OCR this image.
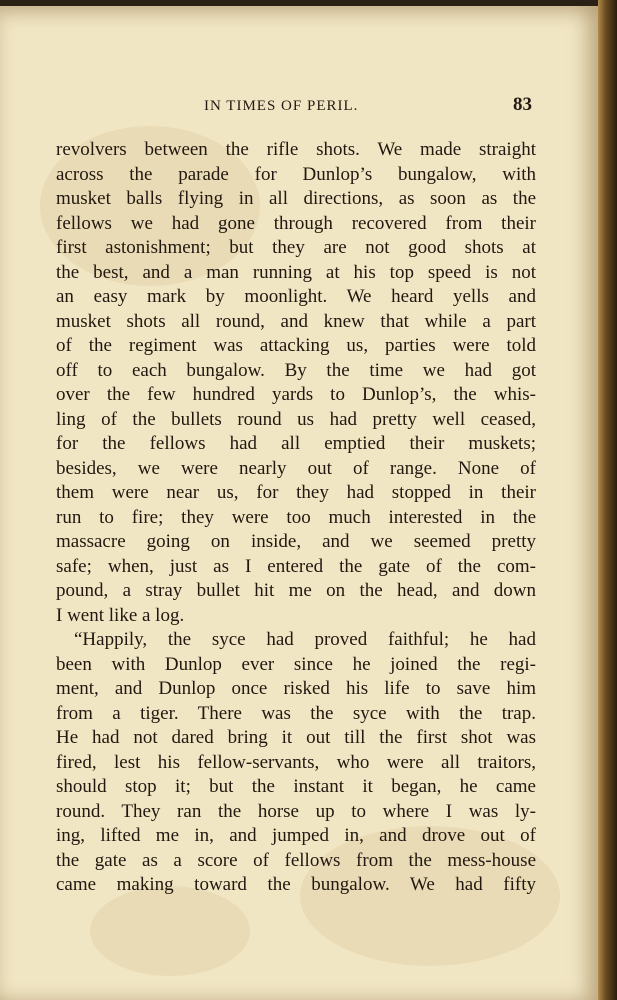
IN TIMES OF PERIL.	83
revolvers between the rifle shots. We made straight
across the parade for Dunlop’s bungalow, with
musket balls flying in all directions, as soon as the
fellows we had gone through recovered from their
first astonishment; but they are not good shots at
the best, and a man running at his top speed is not
an easy mark by moonlight. We heard yells and
musket shots all round, and knew that while a part
of the regiment was attacking us, parties were told
off to each bungalow. By the time we had got
over the few hundred yards to Dunlop’s, the whis-
ling of the bullets round us had pretty well ceased,
for the fellows had all emptied their muskets;
besides, we were nearly out of range. None of
them were near us, for they had stopped in their
run to fire; they were too much interested in the
massacre going on inside, and we seemed pretty
safe; when, just as I entered the gate of the com-
pound, a stray bullet hit me on the head, and down
I went like a log.
“Happily, the syce had proved faithful; he had
been with Dunlop ever since he joined the regi-
ment, and Dunlop once risked his life to save him
from a tiger. There was the syce with the trap.
He had not dared bring it out till the first shot was
fired, lest his fellow-servants, who were all traitors,
should stop it; but the instant it began, he came
round. They ran the horse up to where I was ly-
ing, lifted me in, and jumped in, and drove out of
the gate as a score of fellows from the mess-house
came making toward the bungalow. We had fifty
